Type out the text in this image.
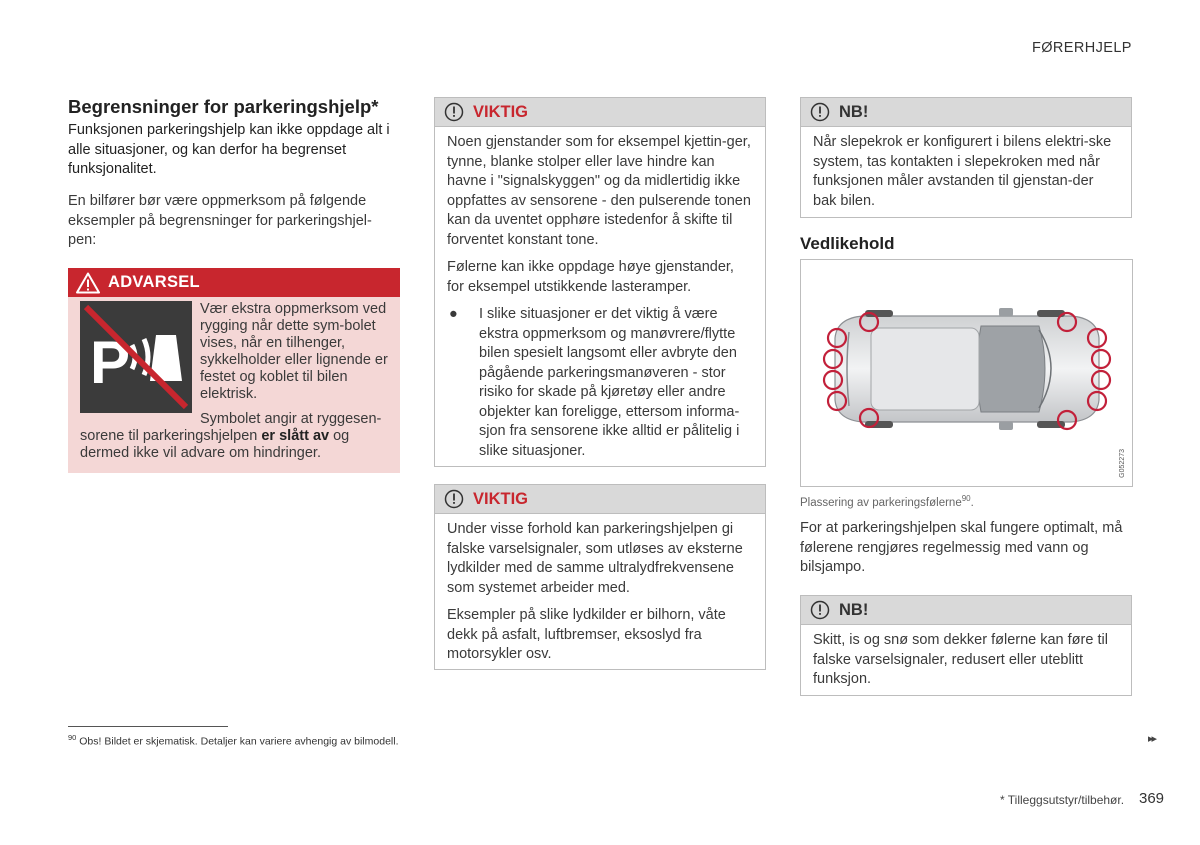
FØRERHJELP
Begrensninger for parkeringshjelp*

Funksjonen parkeringshjelp kan ikke oppdage alt i alle situasjoner, og kan derfor ha begrenset funksjonalitet.

En bilfører bør være oppmerksom på følgende eksempler på begrensninger for parkeringshjel-pen:

ADVARSEL
P

Vær ekstra oppmerksom ved rygging når dette sym-bolet vises, når en tilhenger, sykkelholder eller lignende er festet og koblet til bilen elektrisk.

Symbolet angir at ryggesen-sorene til parkeringshjelpen er slått av og dermed ikke vil advare om hindringer.

VIKTIG

Noen gjenstander som for eksempel kjettin-ger, tynne, blanke stolper eller lave hindre kan havne i "signalskyggen" og da midlertidig ikke oppfattes av sensorene - den pulserende tonen kan da uventet opphøre istedenfor å skifte til forventet konstant tone.

Følerne kan ikke oppdage høye gjenstander, for eksempel utstikkende lasteramper.

●	I slike situasjoner er det viktig å være ekstra oppmerksom og manøvrere/flytte bilen spesielt langsomt eller avbryte den pågående parkeringsmanøveren - stor risiko for skade på kjøretøy eller andre objekter kan foreligge, ettersom informa-sjon fra sensorene ikke alltid er pålitelig i slike situasjoner.
VIKTIG

Under visse forhold kan parkeringshjelpen gi falske varselsignaler, som utløses av eksterne lydkilder med de samme ultralydfrekvensene som systemet arbeider med.

Eksempler på slike lydkilder er bilhorn, våte dekk på asfalt, luftbremser, eksoslyd fra motorsykler osv.

NB!

Når slepekrok er konfigurert i bilens elektri-ske system, tas kontakten i slepekroken med når funksjonen måler avstanden til gjenstan-der bak bilen.

Vedlikehold
G052273
Plassering av parkeringsfølerne$^{90}$.

For at parkeringshjelpen skal fungere optimalt, må følerene rengjøres regelmessig med vann og bilsjampo.

NB!

Skitt, is og snø som dekker følerne kan føre til falske varselsignaler, redusert eller uteblitt funksjon.

$^{90}$ Obs! Bildet er skjematisk. Detaljer kan variere avhengig av bilmodell.	▸▸
* Tilleggsutstyr/tilbehør. 369
